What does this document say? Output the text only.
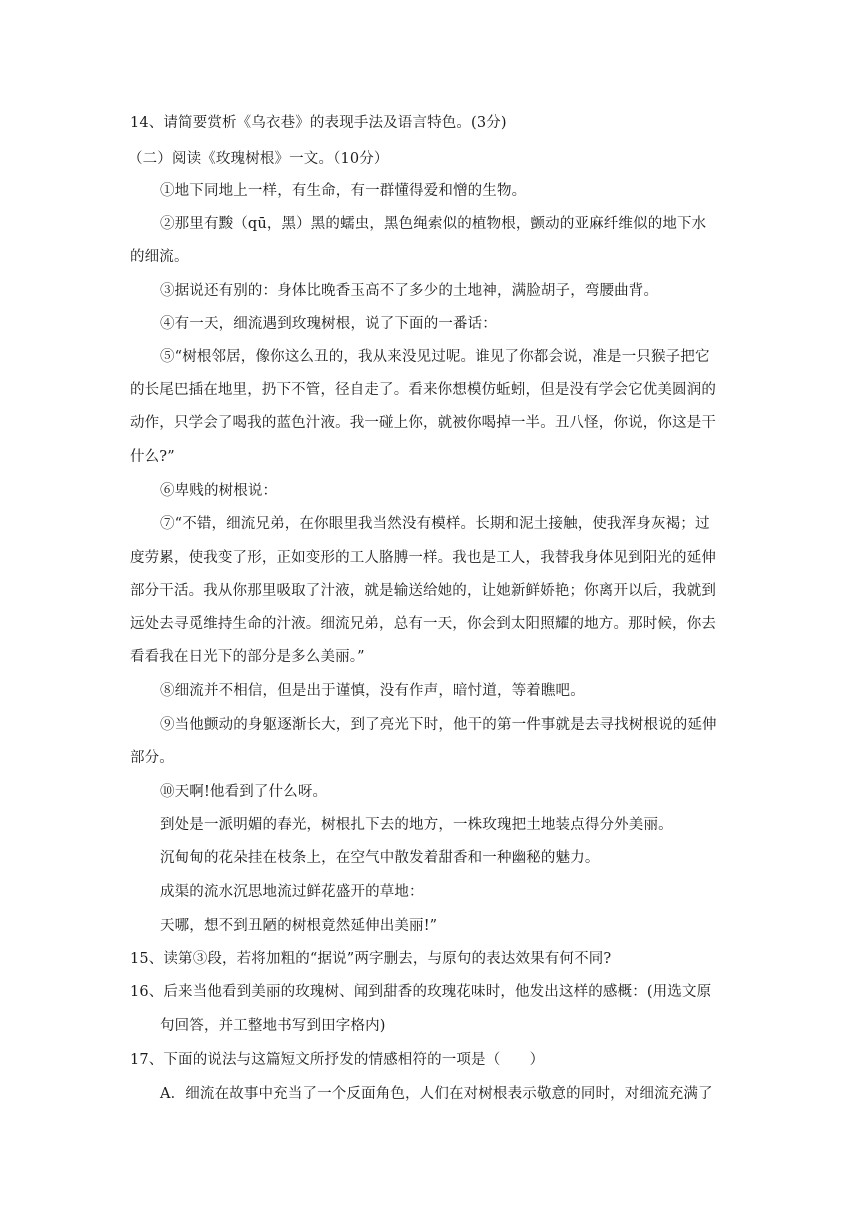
14、请简要赏析《乌衣巷》的表现手法及语言特色。(3分)
（二）阅读《玫瑰树根》一文。（10分）
①地下同地上一样，有生命，有一群懂得爱和憎的生物。
②那里有黢（qū，黑）黑的蠕虫，黑色绳索似的植物根，颤动的亚麻纤维似的地下水
的细流。
③据说还有别的：身体比晚香玉高不了多少的土地神，满脸胡子，弯腰曲背。
④有一天，细流遇到玫瑰树根，说了下面的一番话：
⑤“树根邻居，像你这么丑的，我从来没见过呢。谁见了你都会说，准是一只猴子把它
的长尾巴插在地里，扔下不管，径自走了。看来你想模仿蚯蚓，但是没有学会它优美圆润的
动作，只学会了喝我的蓝色汁液。我一碰上你，就被你喝掉一半。丑八怪，你说，你这是干
什么?”
⑥卑贱的树根说：
⑦“不错，细流兄弟，在你眼里我当然没有模样。长期和泥土接触，使我浑身灰褐；过
度劳累，使我变了形，正如变形的工人胳膊一样。我也是工人，我替我身体见到阳光的延伸
部分干活。我从你那里吸取了汁液，就是输送给她的，让她新鲜娇艳；你离开以后，我就到
远处去寻觅维持生命的汁液。细流兄弟，总有一天，你会到太阳照耀的地方。那时候，你去
看看我在日光下的部分是多么美丽。”
⑧细流并不相信，但是出于谨慎，没有作声，暗忖道，等着瞧吧。
⑨当他颤动的身躯逐渐长大，到了亮光下时，他干的第一件事就是去寻找树根说的延伸
部分。
⑩天啊!他看到了什么呀。
到处是一派明媚的春光，树根扎下去的地方，一株玫瑰把土地装点得分外美丽。
沉甸甸的花朵挂在枝条上，在空气中散发着甜香和一种幽秘的魅力。
成渠的流水沉思地流过鲜花盛开的草地：
天哪，想不到丑陋的树根竟然延伸出美丽!”
15、读第③段，若将加粗的“据说”两字删去，与原句的表达效果有何不同?
16、后来当他看到美丽的玫瑰树、闻到甜香的玫瑰花味时，他发出这样的感概：(用选文原
句回答，并工整地书写到田字格内)
17、下面的说法与这篇短文所抒发的情感相符的一项是（　　）
A．细流在故事中充当了一个反面角色，人们在对树根表示敬意的同时，对细流充满了
